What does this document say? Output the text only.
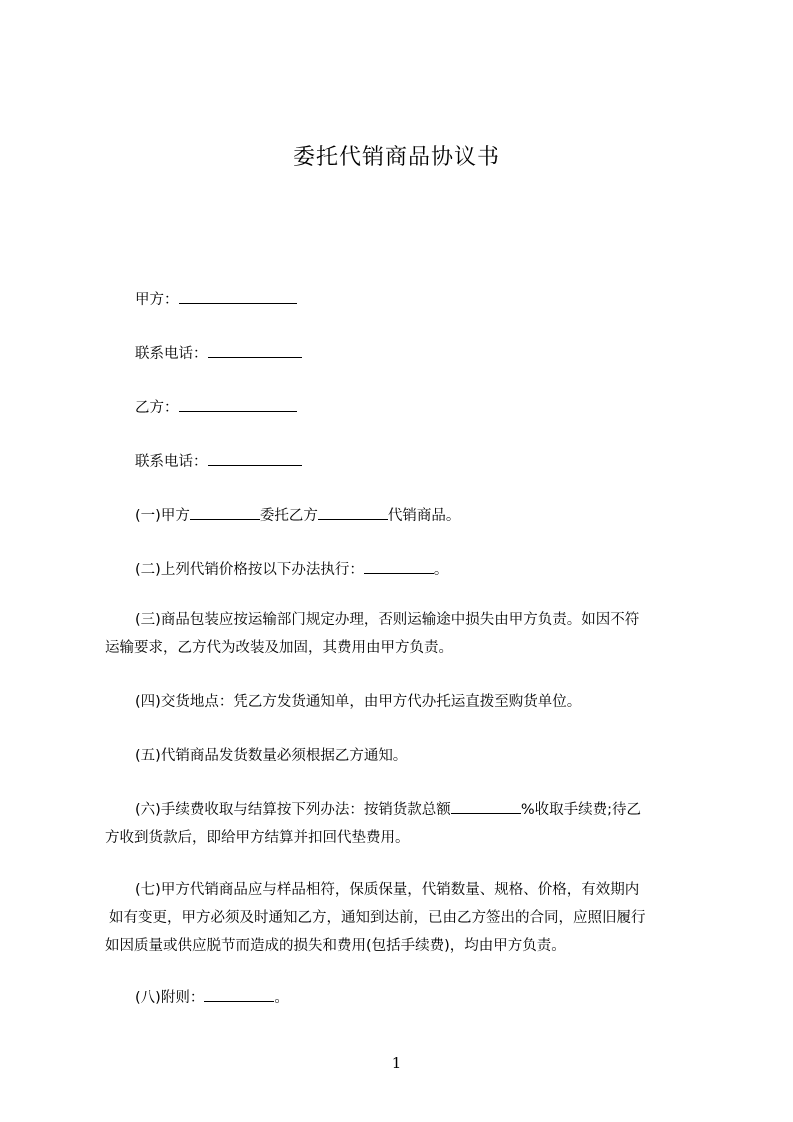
委托代销商品协议书
甲方：
联系电话：
乙方：
联系电话：
(一)甲方	委托乙方	代销商品。
(二)上列代销价格按以下办法执行：	。
(三)商品包装应按运输部门规定办理，否则运输途中损失由甲方负责。如因不符
运输要求，乙方代为改装及加固，其费用由甲方负责。
(四)交货地点：凭乙方发货通知单，由甲方代办托运直拨至购货单位。
(五)代销商品发货数量必须根据乙方通知。
(六)手续费收取与结算按下列办法：按销货款总额	%收取手续费;待乙
方收到货款后，即给甲方结算并扣回代垫费用。
(七)甲方代销商品应与样品相符，保质保量，代销数量、规格、价格，有效期内
如有变更，甲方必须及时通知乙方，通知到达前，已由乙方签出的合同，应照旧履行
如因质量或供应脱节而造成的损失和费用(包括手续费)，均由甲方负责。
(八)附则：	。
1
